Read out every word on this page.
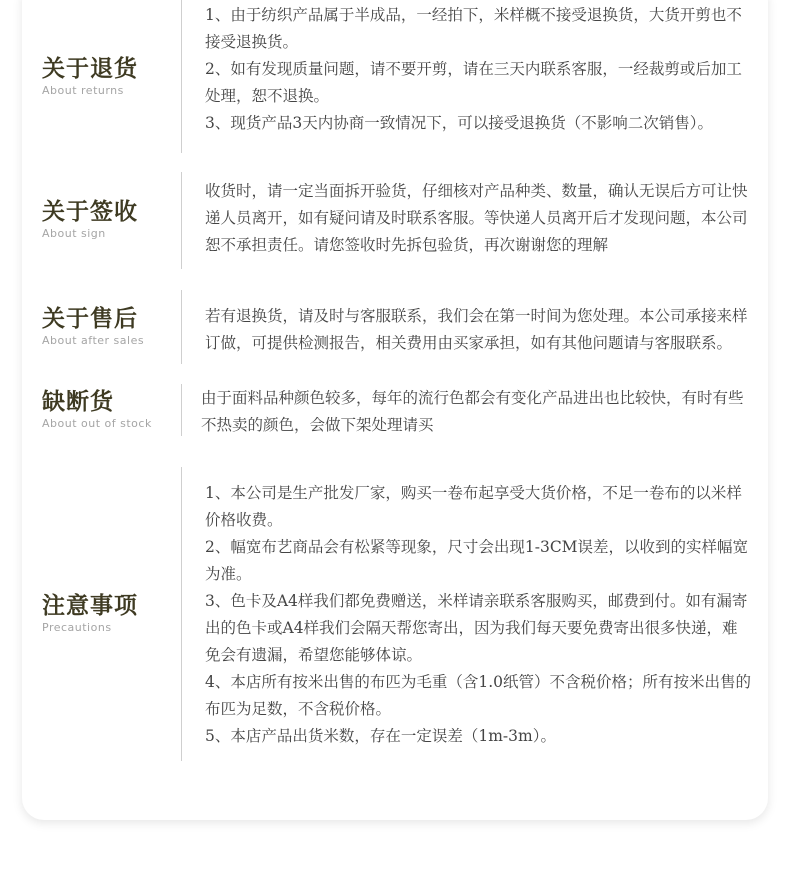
关于退货
About returns

1、由于纺织产品属于半成品，一经拍下，米样概不接受退换货，大货开剪也不接受退换货。

2、如有发现质量问题，请不要开剪，请在三天内联系客服，一经裁剪或后加工处理，恕不退换。

3、现货产品3天内协商一致情况下，可以接受退换货（不影响二次销售）。

关于签收
About sign

收货时，请一定当面拆开验货，仔细核对产品种类、数量，确认无误后方可让快递人员离开，如有疑问请及时联系客服。等快递人员离开后才发现问题，本公司恕不承担责任。请您签收时先拆包验货，再次谢谢您的理解

关于售后
About after sales

若有退换货，请及时与客服联系，我们会在第一时间为您处理。本公司承接来样订做，可提供检测报告，相关费用由买家承担，如有其他问题请与客服联系。

缺断货
About out of stock

由于面料品种颜色较多，每年的流行色都会有变化产品进出也比较快，有时有些不热卖的颜色，会做下架处理请买

注意事项
Precautions

1、本公司是生产批发厂家，购买一卷布起享受大货价格，不足一卷布的以米样价格收费。

2、幅宽布艺商品会有松紧等现象，尺寸会出现1-3CM误差，以收到的实样幅宽为准。

3、色卡及A4样我们都免费赠送，米样请亲联系客服购买，邮费到付。如有漏寄出的色卡或A4样我们会隔天帮您寄出，因为我们每天要免费寄出很多快递，难免会有遗漏，希望您能够体谅。

4、本店所有按米出售的布匹为毛重（含1.0纸管）不含税价格；所有按米出售的布匹为足数，不含税价格。

5、本店产品出货米数，存在一定误差（1m-3m）。
